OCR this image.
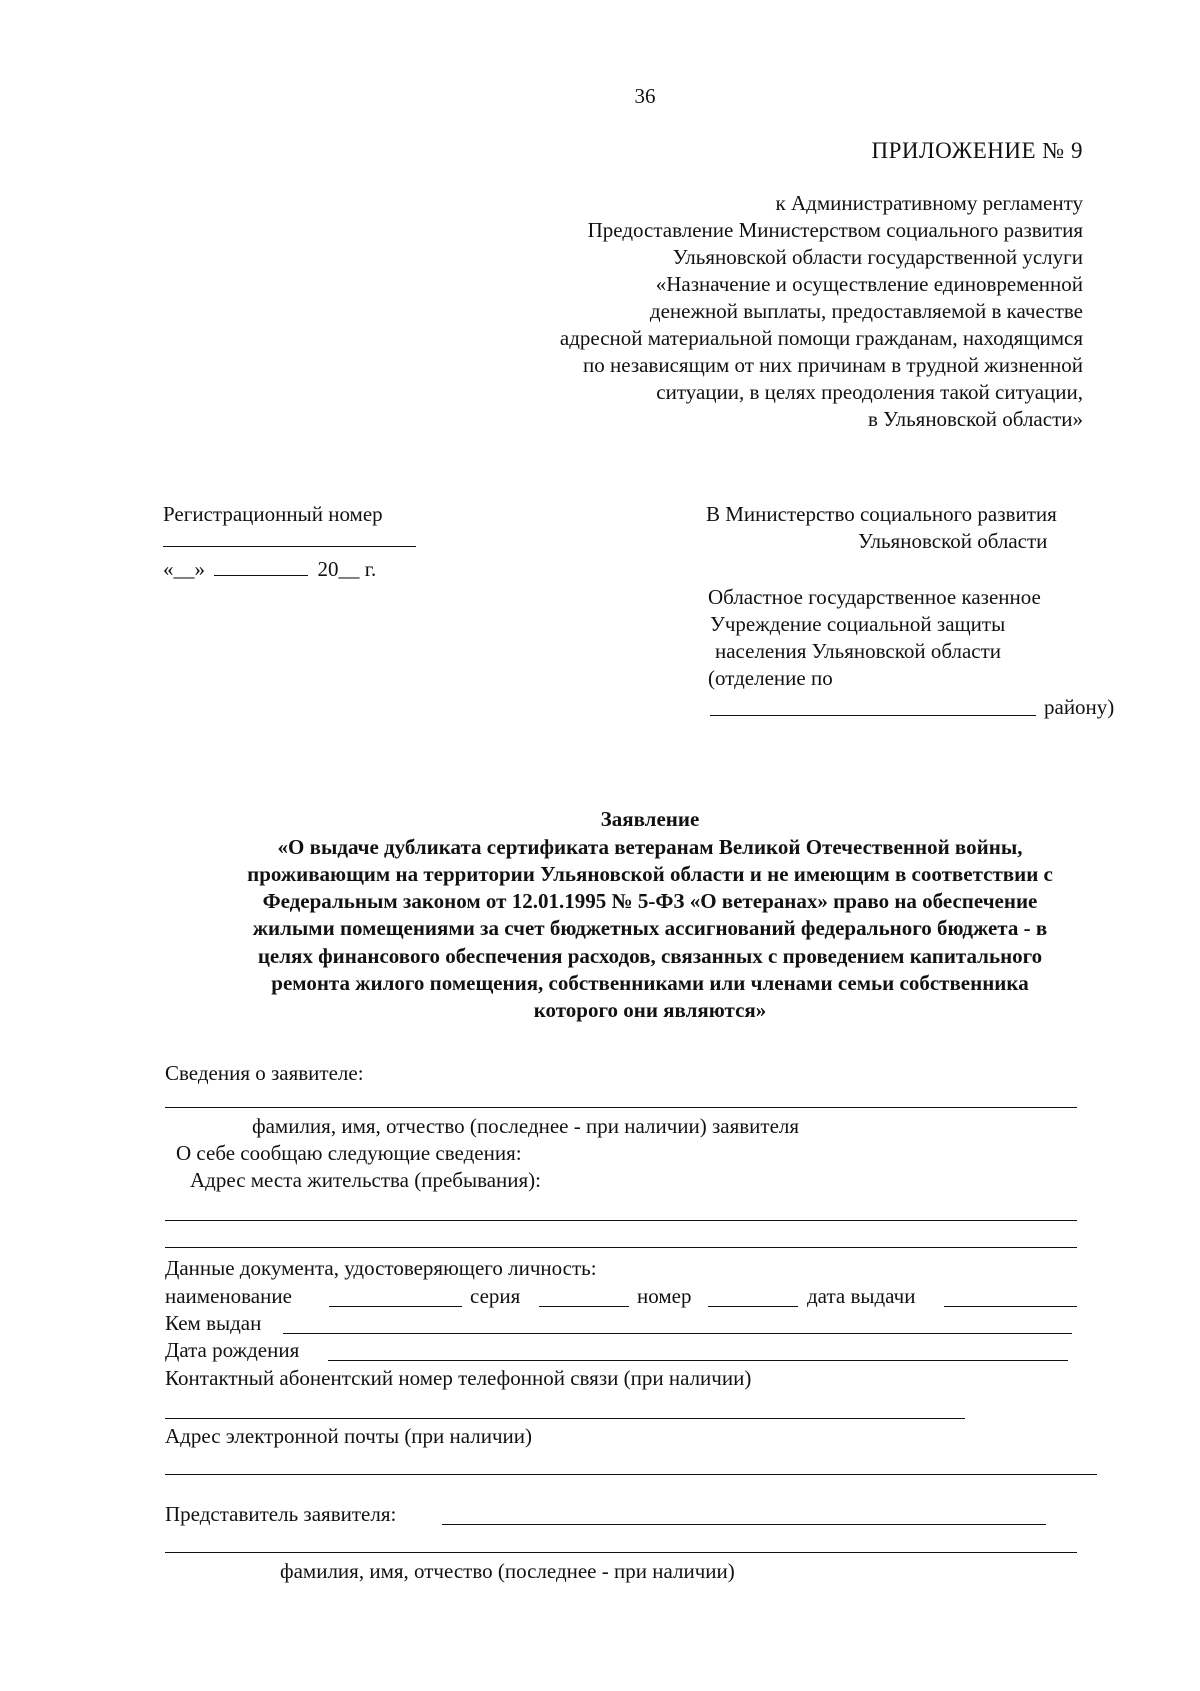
36
ПРИЛОЖЕНИЕ № 9
к Административному регламенту
Предоставление Министерством социального развития
Ульяновской области государственной услуги
«Назначение и осуществление единовременной
денежной выплаты, предоставляемой в качестве
адресной материальной помощи гражданам, находящимся
по независящим от них причинам в трудной жизненной
ситуации, в целях преодоления такой ситуации,
в Ульяновской области»
Регистрационный номер
«__»	20__ г.
В Министерство социального развития
Ульяновской области
Областное государственное казенное
Учреждение социальной защиты
населения Ульяновской области
(отделение по
району)
Заявление
«О выдаче дубликата сертификата ветеранам Великой Отечественной войны,
проживающим на территории Ульяновской области и не имеющим в соответствии с
Федеральным законом от 12.01.1995 № 5-ФЗ «О ветеранах» право на обеспечение
жилыми помещениями за счет бюджетных ассигнований федерального бюджета - в
целях финансового обеспечения расходов, связанных с проведением капитального
ремонта жилого помещения, собственниками или членами семьи собственника
которого они являются»
Сведения о заявителе:
фамилия, имя, отчество (последнее - при наличии) заявителя
О себе сообщаю следующие сведения:
Адрес места жительства (пребывания):
Данные документа, удостоверяющего личность:
наименование	серия	номер	дата выдачи
Кем выдан
Дата рождения
Контактный абонентский номер телефонной связи (при наличии)
Адрес электронной почты (при наличии)
Представитель заявителя:
фамилия, имя, отчество (последнее - при наличии)
